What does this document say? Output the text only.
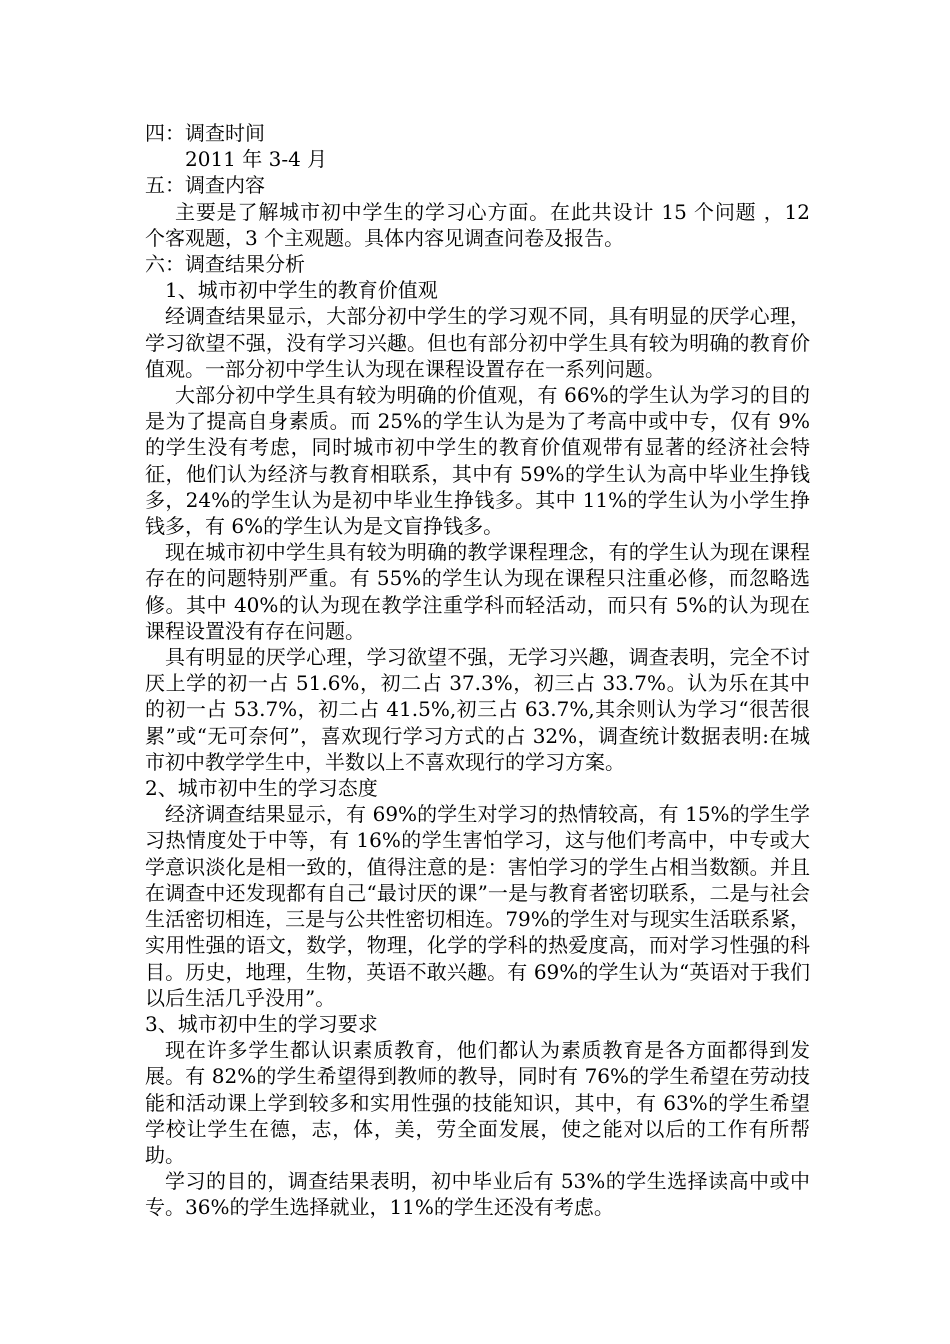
四：调查时间

2011 年 3-4 月

五：调查内容

主要是了解城市初中学生的学习心方面。在此共设计 15 个问题 ，12 个客观题，3 个主观题。具体内容见调查问卷及报告。

六：调查结果分析

1、城市初中学生的教育价值观

经调查结果显示，大部分初中学生的学习观不同，具有明显的厌学心理，学习欲望不强，没有学习兴趣。但也有部分初中学生具有较为明确的教育价值观。一部分初中学生认为现在课程设置存在一系列问题。

大部分初中学生具有较为明确的价值观，有 66%的学生认为学习的目的是为了提高自身素质。而 25%的学生认为是为了考高中或中专，仅有 9%的学生没有考虑，同时城市初中学生的教育价值观带有显著的经济社会特征，他们认为经济与教育相联系，其中有 59%的学生认为高中毕业生挣钱多，24%的学生认为是初中毕业生挣钱多。其中 11%的学生认为小学生挣钱多，有 6%的学生认为是文盲挣钱多。

现在城市初中学生具有较为明确的教学课程理念，有的学生认为现在课程存在的问题特别严重。有 55%的学生认为现在课程只注重必修，而忽略选修。其中 40%的认为现在教学注重学科而轻活动，而只有 5%的认为现在课程设置没有存在问题。

具有明显的厌学心理，学习欲望不强，无学习兴趣，调查表明，完全不讨厌上学的初一占 51.6%，初二占 37.3%，初三占 33.7%。认为乐在其中的初一占 53.7%，初二占 41.5%,初三占 63.7%,其余则认为学习“很苦很累”或“无可奈何”，喜欢现行学习方式的占 32%，调查统计数据表明:在城市初中教学学生中，半数以上不喜欢现行的学习方案。

2、城市初中生的学习态度

经济调查结果显示，有 69%的学生对学习的热情较高，有 15%的学生学习热情度处于中等，有 16%的学生害怕学习，这与他们考高中，中专或大学意识淡化是相一致的，值得注意的是：害怕学习的学生占相当数额。并且在调查中还发现都有自己“最讨厌的课”一是与教育者密切联系，二是与社会生活密切相连，三是与公共性密切相连。79%的学生对与现实生活联系紧，实用性强的语文，数学，物理，化学的学科的热爱度高，而对学习性强的科目。历史，地理，生物，英语不敢兴趣。有 69%的学生认为“英语对于我们以后生活几乎没用”。

3、城市初中生的学习要求

现在许多学生都认识素质教育，他们都认为素质教育是各方面都得到发展。有 82%的学生希望得到教师的教导，同时有 76%的学生希望在劳动技能和活动课上学到较多和实用性强的技能知识，其中，有 63%的学生希望学校让学生在德，志，体，美，劳全面发展，使之能对以后的工作有所帮助。

学习的目的，调查结果表明，初中毕业后有 53%的学生选择读高中或中专。36%的学生选择就业，11%的学生还没有考虑。
